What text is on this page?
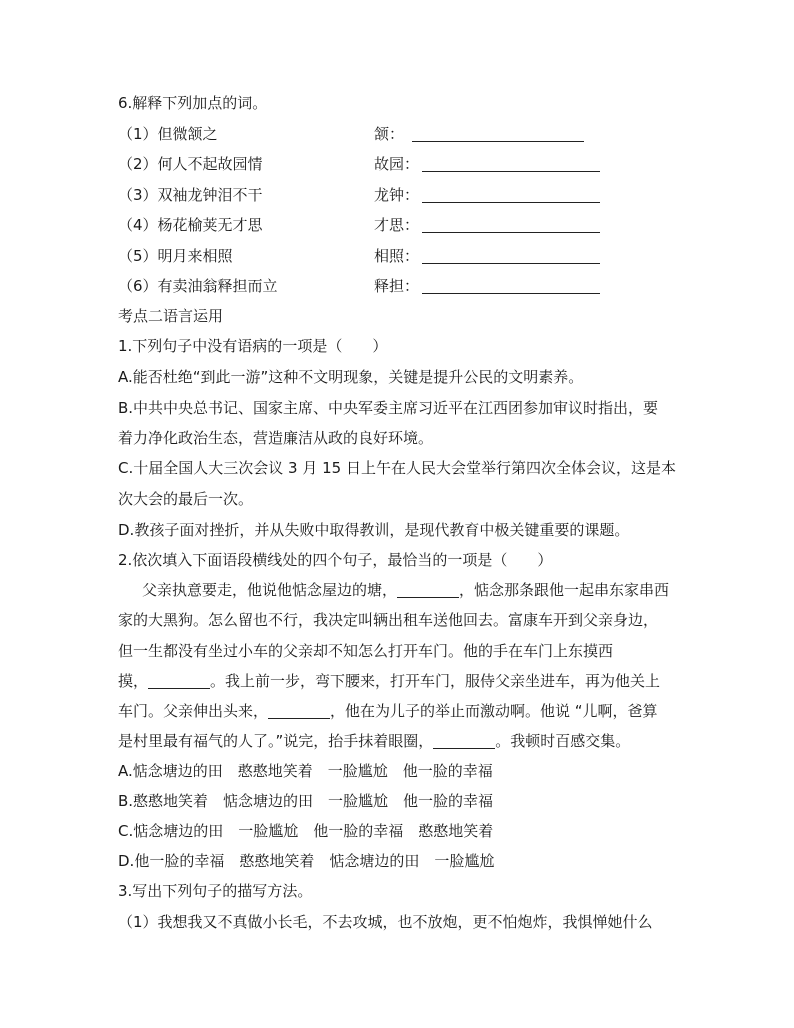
6.解释下列加点的词。
（1）但微颔之	颔：
（2）何人不起故园情	故园：
（3）双袖龙钟泪不干	龙钟：
（4）杨花榆荚无才思	才思：
（5）明月来相照	相照：
（6）有卖油翁释担而立	释担：
考点二语言运用
1.下列句子中没有语病的一项是（　　）
A.能否杜绝“到此一游”这种不文明现象，关键是提升公民的文明素养。
B.中共中央总书记、国家主席、中央军委主席习近平在江西团参加审议时指出，要
着力净化政治生态，营造廉洁从政的良好环境。
C.十届全国人大三次会议 3 月 15 日上午在人民大会堂举行第四次全体会议，这是本
次大会的最后一次。
D.教孩子面对挫折，并从失败中取得教训，是现代教育中极关键重要的课题。
2.依次填入下面语段横线处的四个句子，最恰当的一项是（　　）
父亲执意要走，他说他惦念屋边的塘，	，惦念那条跟他一起串东家串西
家的大黑狗。怎么留也不行，我决定叫辆出租车送他回去。富康车开到父亲身边，
但一生都没有坐过小车的父亲却不知怎么打开车门。他的手在车门上东摸西
摸，	。我上前一步，弯下腰来，打开车门，服侍父亲坐进车，再为他关上
车门。父亲伸出头来，	，他在为儿子的举止而激动啊。他说 “儿啊，爸算
是村里最有福气的人了。”说完，抬手抹着眼圈，	。我顿时百感交集。
A.惦念塘边的田　憨憨地笑着　一脸尴尬　他一脸的幸福
B.憨憨地笑着　惦念塘边的田　一脸尴尬　他一脸的幸福
C.惦念塘边的田　一脸尴尬　他一脸的幸福　憨憨地笑着
D.他一脸的幸福　憨憨地笑着　惦念塘边的田　一脸尴尬
3.写出下列句子的描写方法。
（1）我想我又不真做小长毛，不去攻城，也不放炮，更不怕炮炸，我惧惮她什么
